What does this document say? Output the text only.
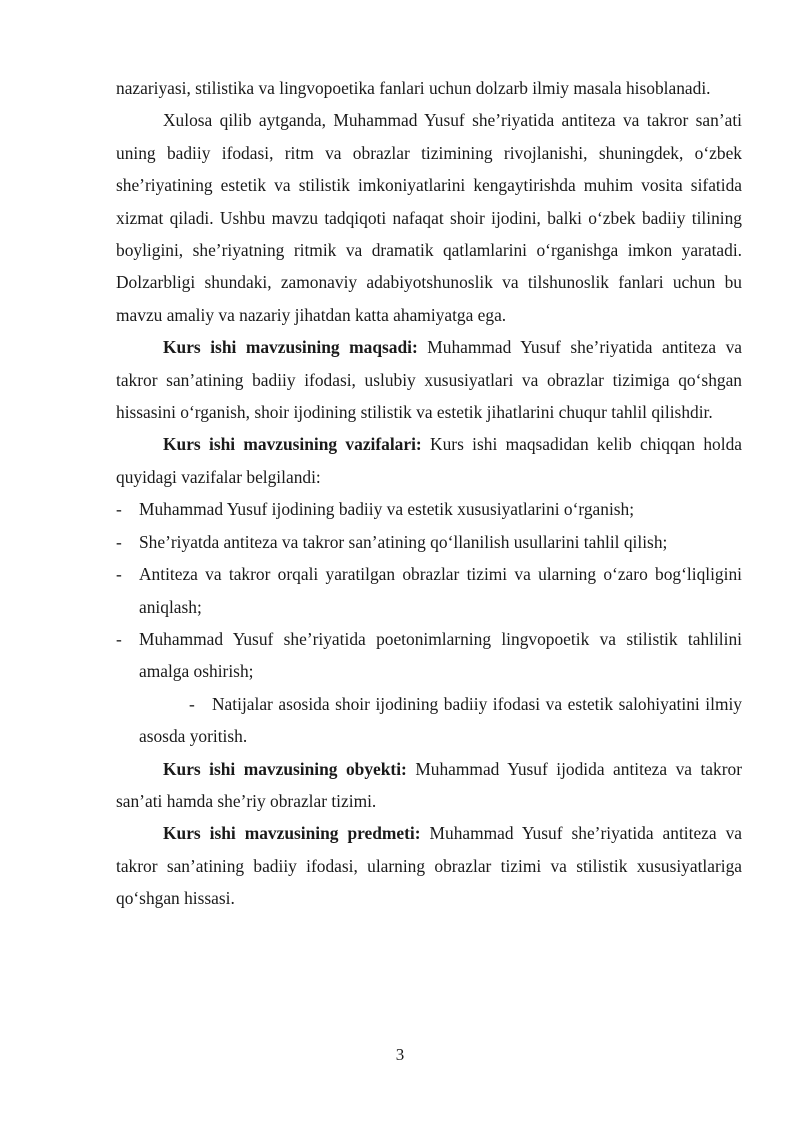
nazariyasi, stilistika va lingvopoetika fanlari uchun dolzarb ilmiy masala hisoblanadi.

Xulosa qilib aytganda, Muhammad Yusuf she’riyatida antiteza va takror san’ati uning badiiy ifodasi, ritm va obrazlar tizimining rivojlanishi, shuningdek, o‘zbek she’riyatining estetik va stilistik imkoniyatlarini kengaytirishda muhim vosita sifatida xizmat qiladi. Ushbu mavzu tadqiqoti nafaqat shoir ijodini, balki o‘zbek badiiy tilining boyligini, she’riyatning ritmik va dramatik qatlamlarini o‘rganishga imkon yaratadi. Dolzarbligi shundaki, zamonaviy adabiyotshunoslik va tilshunoslik fanlari uchun bu mavzu amaliy va nazariy jihatdan katta ahamiyatga ega.

Kurs ishi mavzusining maqsadi: Muhammad Yusuf she’riyatida antiteza va takror san’atining badiiy ifodasi, uslubiy xususiyatlari va obrazlar tizimiga qo‘shgan hissasini o‘rganish, shoir ijodining stilistik va estetik jihatlarini chuqur tahlil qilishdir.

Kurs ishi mavzusining vazifalari: Kurs ishi maqsadidan kelib chiqqan holda quyidagi vazifalar belgilandi:

- Muhammad Yusuf ijodining badiiy va estetik xususiyatlarini o‘rganish;

- She’riyatda antiteza va takror san’atining qo‘llanilish usullarini tahlil qilish;

- Antiteza va takror orqali yaratilgan obrazlar tizimi va ularning o‘zaro bog‘liqligini aniqlash;

- Muhammad Yusuf she’riyatida poetonimlarning lingvopoetik va stilistik tahlilini amalga oshirish;

- Natijalar asosida shoir ijodining badiiy ifodasi va estetik salohiyatini ilmiy asosda yoritish.

Kurs ishi mavzusining obyekti: Muhammad Yusuf ijodida antiteza va takror san’ati hamda she’riy obrazlar tizimi.

Kurs ishi mavzusining predmeti: Muhammad Yusuf she’riyatida antiteza va takror san’atining badiiy ifodasi, ularning obrazlar tizimi va stilistik xususiyatlariga qo‘shgan hissasi.

3
